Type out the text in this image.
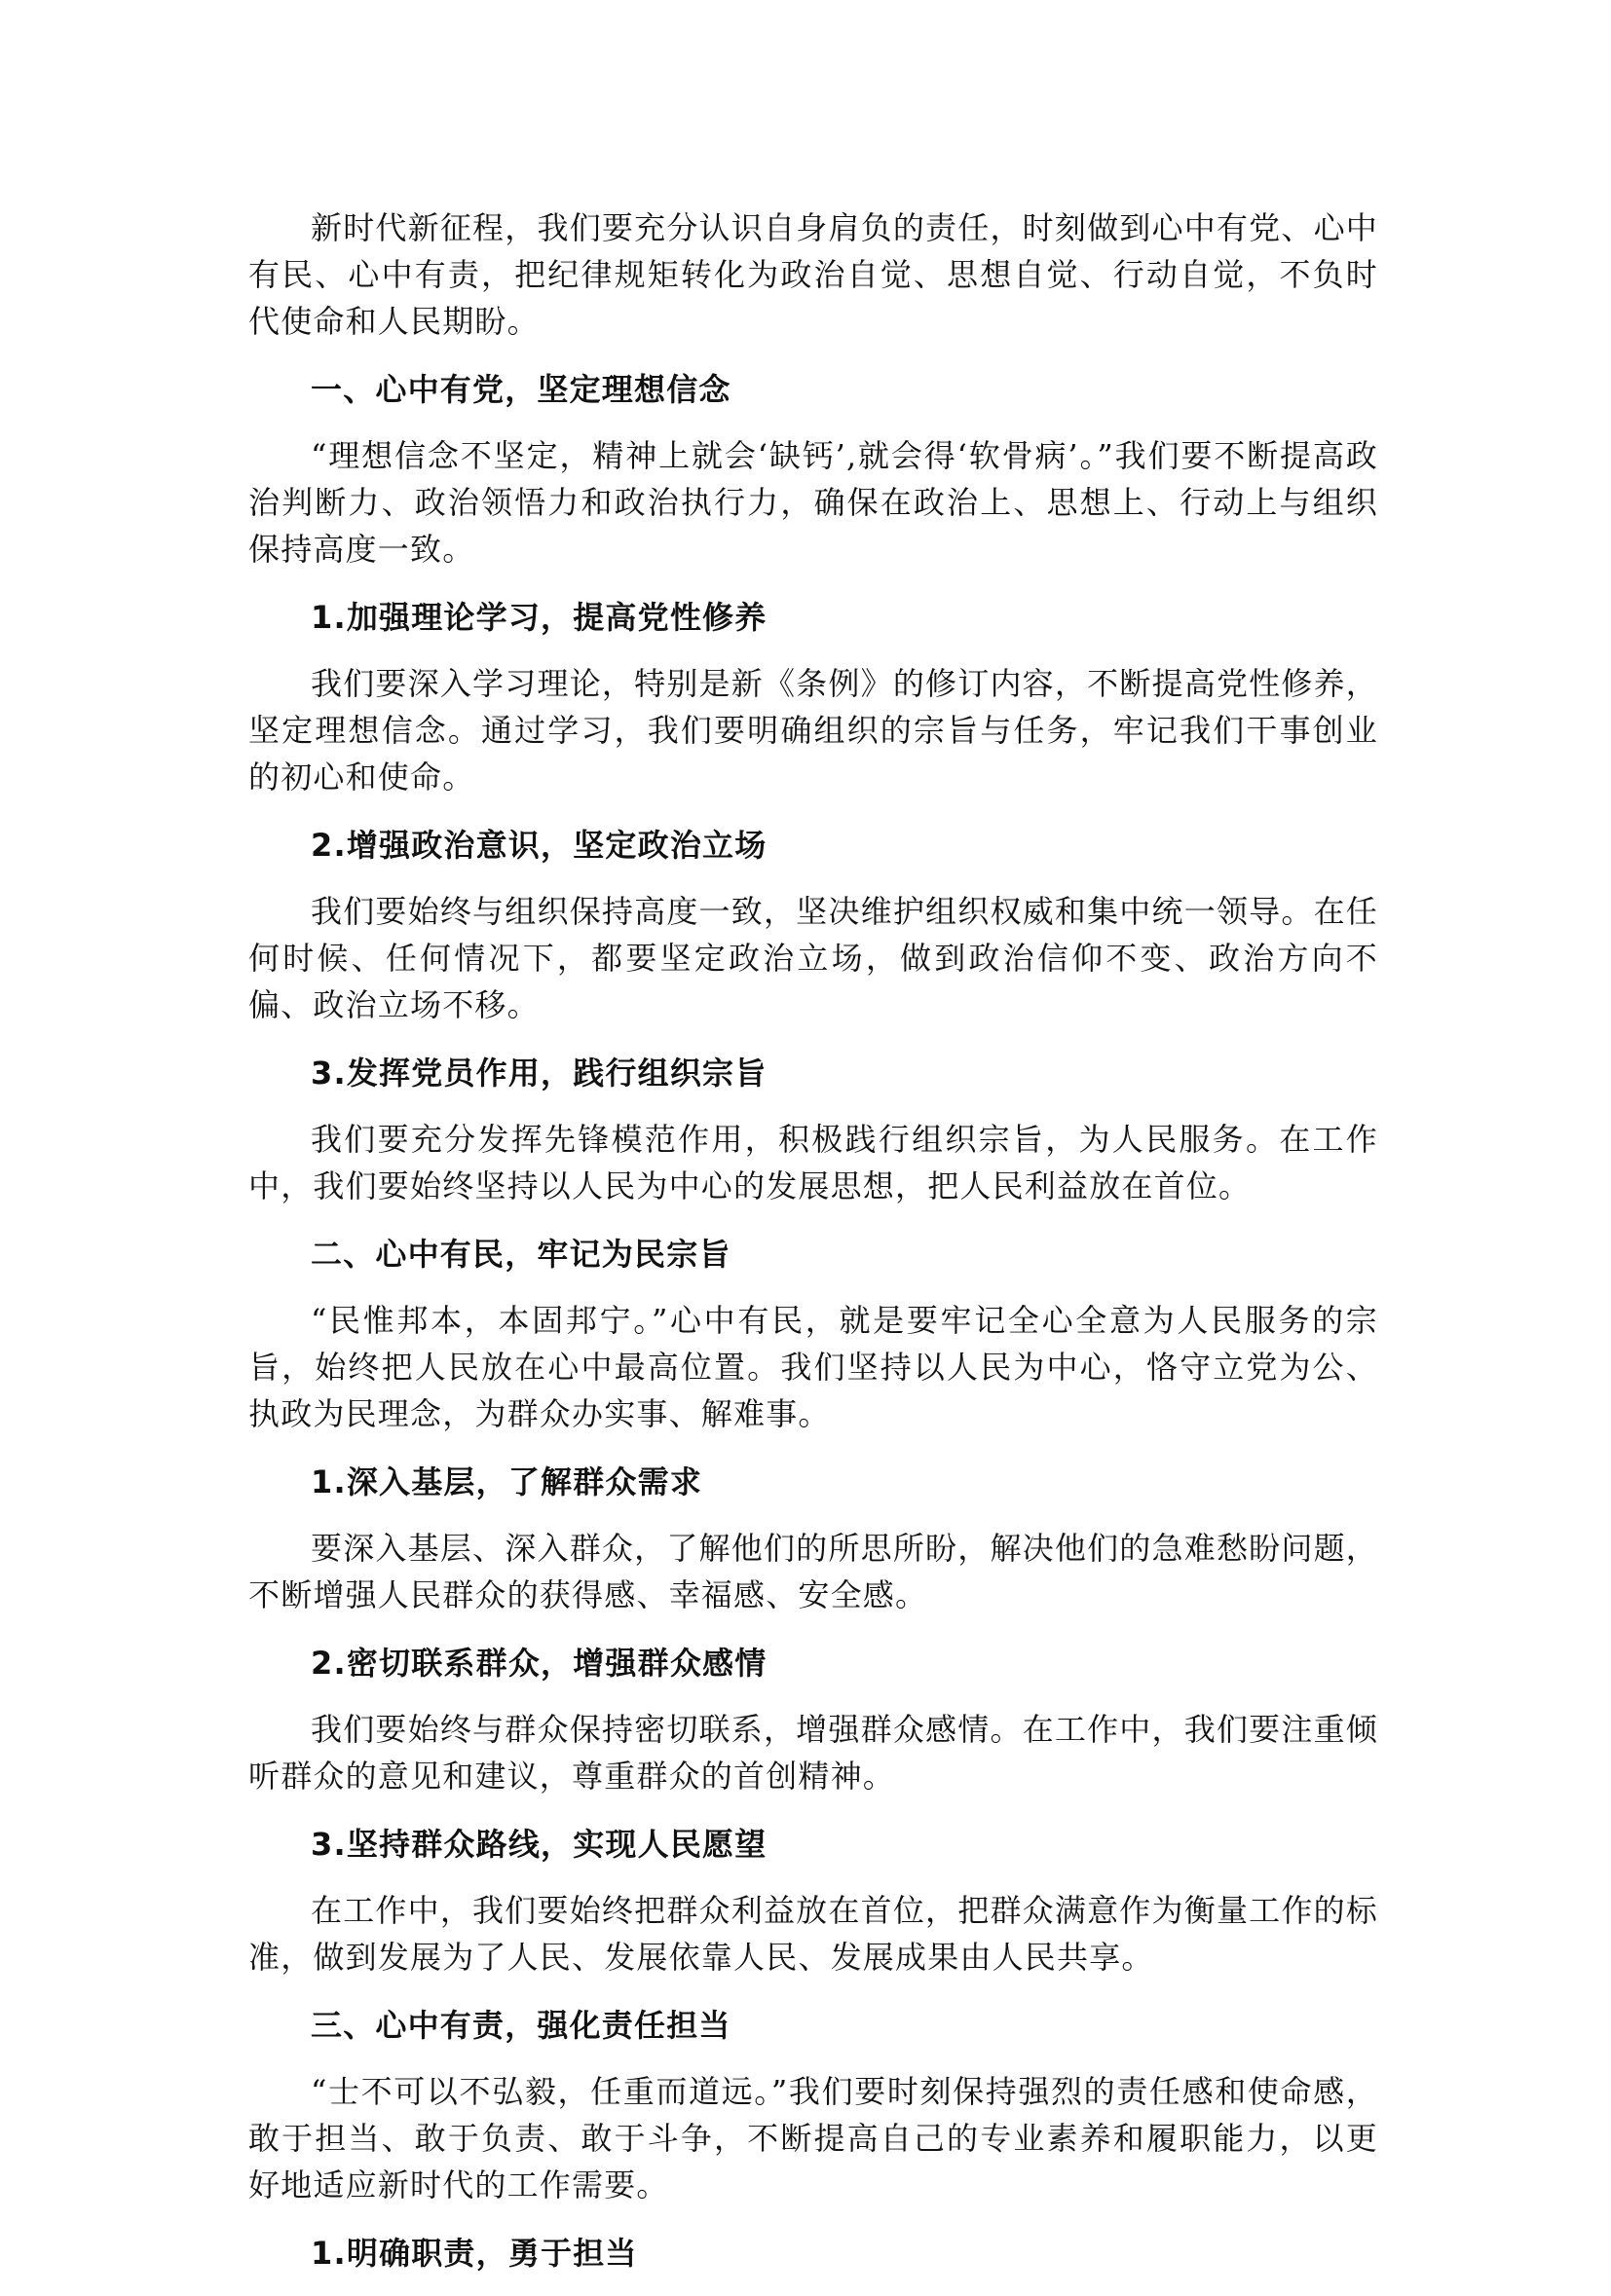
新时代新征程，我们要充分认识自身肩负的责任，时刻做到心中有党、心中有民、心中有责，把纪律规矩转化为政治自觉、思想自觉、行动自觉，不负时代使命和人民期盼。

一、心中有党，坚定理想信念

“理想信念不坚定，精神上就会‘缺钙’,就会得‘软骨病’。”我们要不断提高政治判断力、政治领悟力和政治执行力，确保在政治上、思想上、行动上与组织保持高度一致。

1.加强理论学习，提高党性修养

我们要深入学习理论，特别是新《条例》的修订内容，不断提高党性修养，坚定理想信念。通过学习，我们要明确组织的宗旨与任务，牢记我们干事创业的初心和使命。

2.增强政治意识，坚定政治立场

我们要始终与组织保持高度一致，坚决维护组织权威和集中统一领导。在任何时候、任何情况下，都要坚定政治立场，做到政治信仰不变、政治方向不偏、政治立场不移。

3.发挥党员作用，践行组织宗旨

我们要充分发挥先锋模范作用，积极践行组织宗旨，为人民服务。在工作中，我们要始终坚持以人民为中心的发展思想，把人民利益放在首位。

二、心中有民，牢记为民宗旨

“民惟邦本，本固邦宁。”心中有民，就是要牢记全心全意为人民服务的宗旨，始终把人民放在心中最高位置。我们坚持以人民为中心，恪守立党为公、执政为民理念，为群众办实事、解难事。

1.深入基层，了解群众需求

要深入基层、深入群众，了解他们的所思所盼，解决他们的急难愁盼问题，不断增强人民群众的获得感、幸福感、安全感。

2.密切联系群众，增强群众感情

我们要始终与群众保持密切联系，增强群众感情。在工作中，我们要注重倾听群众的意见和建议，尊重群众的首创精神。

3.坚持群众路线，实现人民愿望

在工作中，我们要始终把群众利益放在首位，把群众满意作为衡量工作的标准，做到发展为了人民、发展依靠人民、发展成果由人民共享。

三、心中有责，强化责任担当

“士不可以不弘毅，任重而道远。”我们要时刻保持强烈的责任感和使命感，敢于担当、敢于负责、敢于斗争，不断提高自己的专业素养和履职能力，以更好地适应新时代的工作需要。

1.明确职责，勇于担当
